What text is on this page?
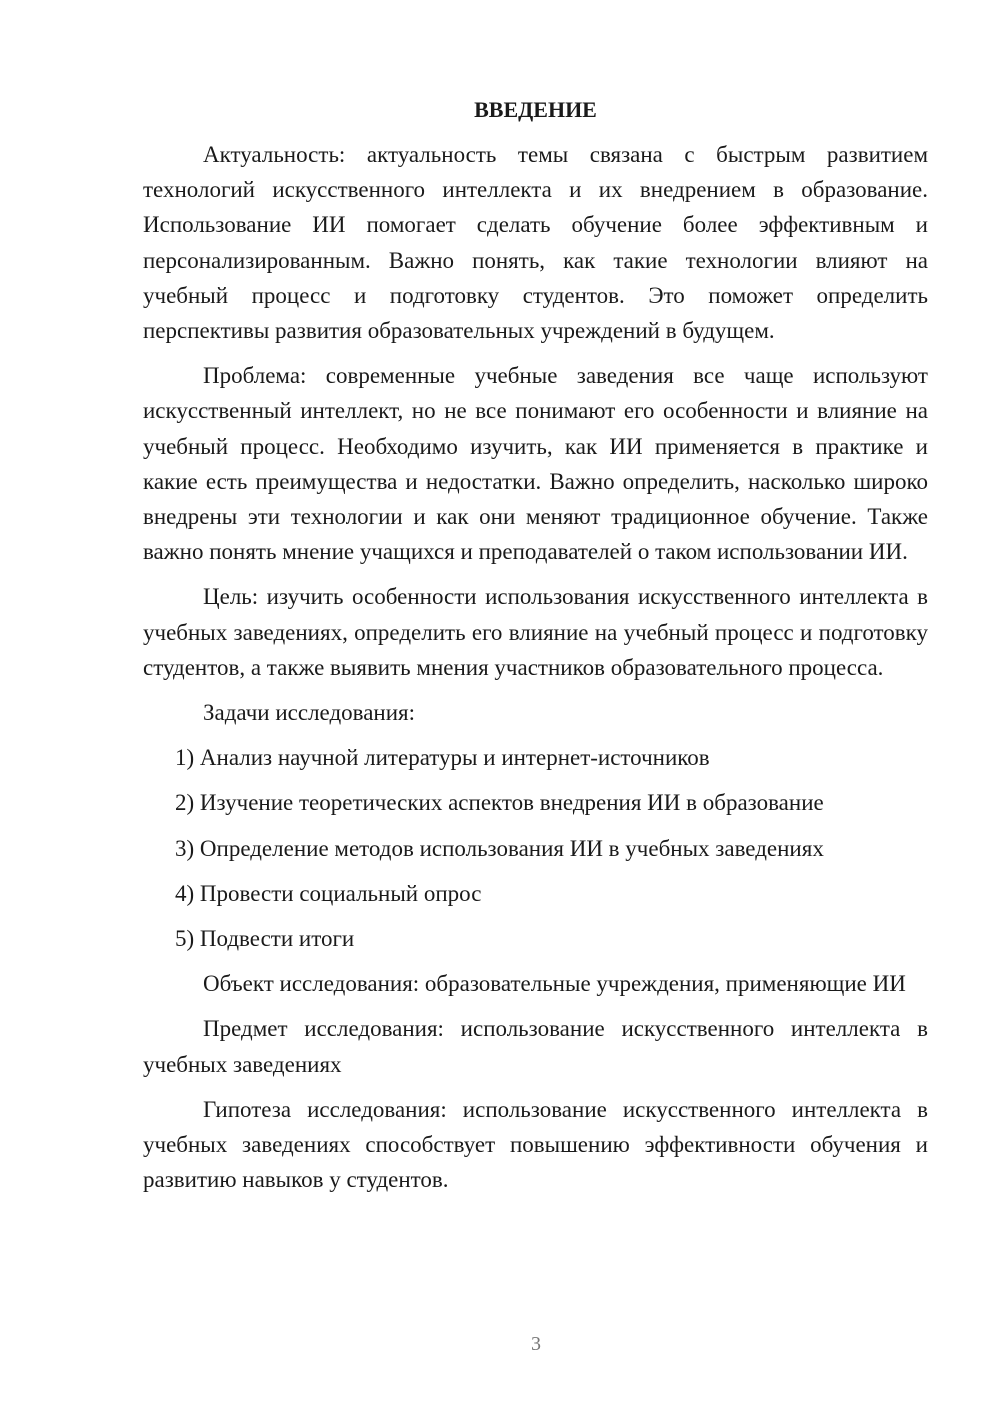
ВВЕДЕНИЕ

Актуальность: актуальность темы связана с быстрым развитием технологий искусственного интеллекта и их внедрением в образование. Использование ИИ помогает сделать обучение более эффективным и персонализированным. Важно понять, как такие технологии влияют на учебный процесс и подготовку студентов. Это поможет определить перспективы развития образовательных учреждений в будущем.

Проблема: современные учебные заведения все чаще используют искусственный интеллект, но не все понимают его особенности и влияние на учебный процесс. Необходимо изучить, как ИИ применяется в практике и какие есть преимущества и недостатки. Важно определить, насколько широко внедрены эти технологии и как они меняют традиционное обучение. Также важно понять мнение учащихся и преподавателей о таком использовании ИИ.

Цель: изучить особенности использования искусственного интеллекта в учебных заведениях, определить его влияние на учебный процесс и подготовку студентов, а также выявить мнения участников образовательного процесса.

Задачи исследования:

1) Анализ научной литературы и интернет-источников

2) Изучение теоретических аспектов внедрения ИИ в образование

3) Определение методов использования ИИ в учебных заведениях

4) Провести социальный опрос

5) Подвести итоги

Объект исследования: образовательные учреждения, применяющие ИИ

Предмет исследования: использование искусственного интеллекта в учебных заведениях

Гипотеза исследования: использование искусственного интеллекта в учебных заведениях способствует повышению эффективности обучения и развитию навыков у студентов.

3
